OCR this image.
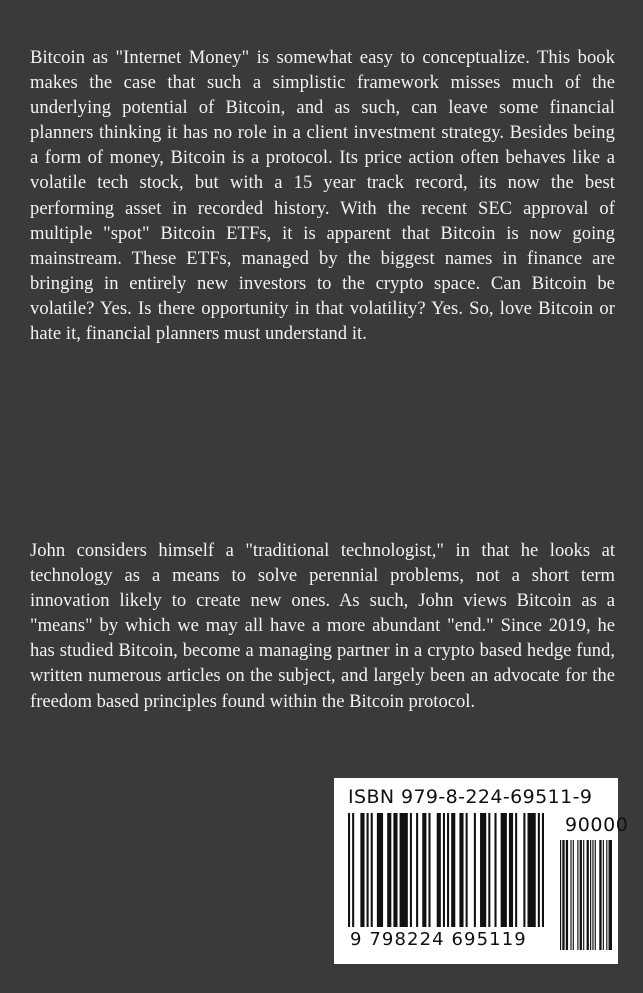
Bitcoin as "Internet Money" is somewhat easy to conceptualize. This book makes the case that such a simplistic framework misses much of the underlying potential of Bitcoin, and as such, can leave some financial planners thinking it has no role in a client investment strategy. Besides being a form of money, Bitcoin is a protocol. Its price action often behaves like a volatile tech stock, but with a 15 year track record, its now the best performing asset in recorded history. With the recent SEC approval of multiple "spot" Bitcoin ETFs, it is apparent that Bitcoin is now going mainstream. These ETFs, managed by the biggest names in finance are bringing in entirely new investors to the crypto space. Can Bitcoin be volatile? Yes. Is there opportunity in that volatility? Yes. So, love Bitcoin or hate it, financial planners must understand it.

John considers himself a "traditional technologist," in that he looks at technology as a means to solve perennial problems, not a short term innovation likely to create new ones. As such, John views Bitcoin as a "means" by which we may all have a more abundant "end." Since 2019, he has studied Bitcoin, become a managing partner in a crypto based hedge fund, written numerous articles on the subject, and largely been an advocate for the freedom based principles found within the Bitcoin protocol.

ISBN 979-8-224-69511-9
90000
9 798224 695119
